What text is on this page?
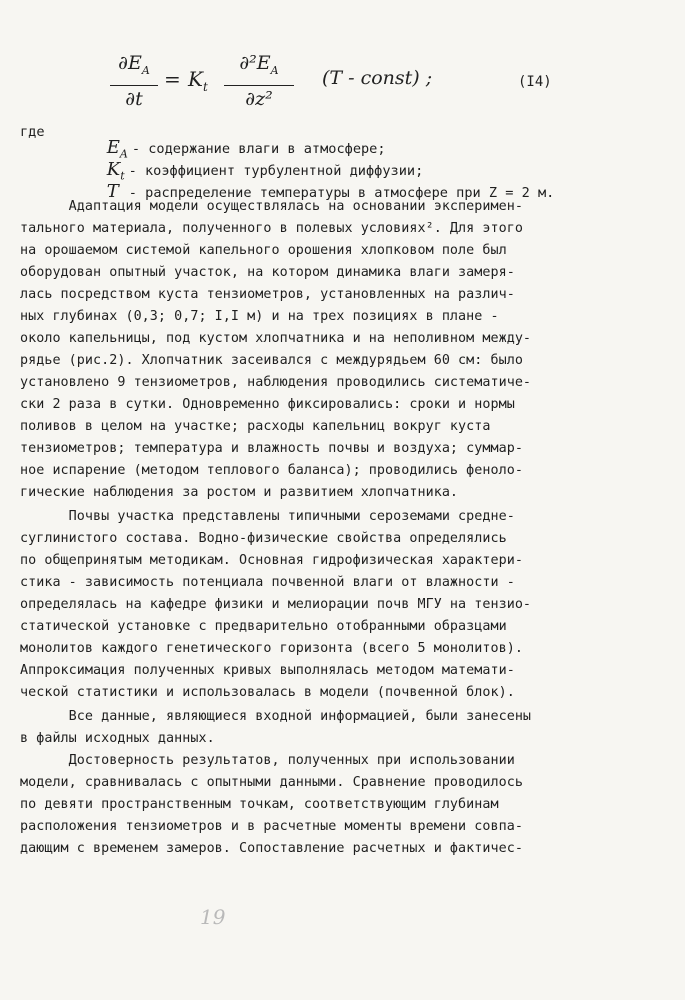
$\partial E_A$
∂t
= $K_t$
$\partial^2E_A$
∂z²
(T - const) ;	(I4)
где

$E_A$ - содержание влаги в атмосфере;

$K_t$ - коэффициент турбулентной диффузии;

T - распределение температуры в атмосфере при Z = 2 м.

Адаптация модели осуществлялась на основании эксперимен-
тального материала, полученного в полевых условиях². Для этого
на орошаемом системой капельного орошения хлопковом поле был
оборудован опытный участок, на котором динамика влаги замеря-
лась посредством куста тензиометров, установленных на различ-
ных глубинах (0,3; 0,7; I,I м) и на трех позициях в плане -
около капельницы, под кустом хлопчатника и на неполивном между-
рядье (рис.2). Хлопчатник засеивался с междурядьем 60 см: было
установлено 9 тензиометров, наблюдения проводились систематиче-
ски 2 раза в сутки. Одновременно фиксировались: сроки и нормы
поливов в целом на участке; расходы капельниц вокруг куста
тензиометров; температура и влажность почвы и воздуха; суммар-
ное испарение (методом теплового баланса); проводились феноло-
гические наблюдения за ростом и развитием хлопчатника.
Почвы участка представлены типичными сероземами средне-
суглинистого состава. Водно-физические свойства определялись
по общепринятым методикам. Основная гидрофизическая характери-
стика - зависимость потенциала почвенной влаги от влажности -
определялась на кафедре физики и мелиорации почв МГУ на тензио-
статической установке с предварительно отобранными образцами
монолитов каждого генетического горизонта (всего 5 монолитов).
Аппроксимация полученных кривых выполнялась методом математи-
ческой статистики и использовалась в модели (почвенной блок).
Все данные, являющиеся входной информацией, были занесены
в файлы исходных данных.
Достоверность результатов, полученных при использовании
модели, сравнивалась с опытными данными. Сравнение проводилось
по девяти пространственным точкам, соответствующим глубинам
расположения тензиометров и в расчетные моменты времени совпа-
дающим с временем замеров. Сопоставление расчетных и фактичес-
19
